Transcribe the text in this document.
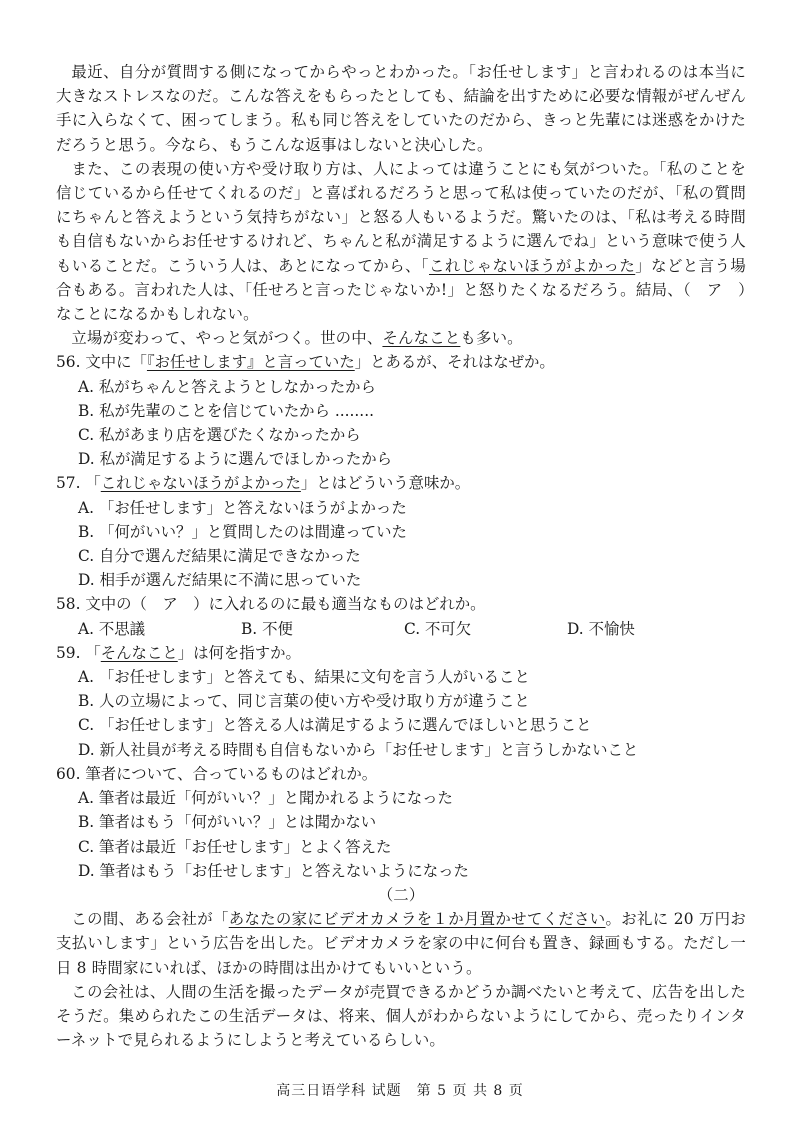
最近、自分が質問する側になってからやっとわかった。「お任せします」と言われるのは本当に大きなストレスなのだ。こんな答えをもらったとしても、結論を出すために必要な情報がぜんぜん手に入らなくて、困ってしまう。私も同じ答えをしていたのだから、きっと先輩には迷惑をかけただろうと思う。今なら、もうこんな返事はしないと決心した。

また、この表現の使い方や受け取り方は、人によっては違うことにも気がついた。「私のことを信じているから任せてくれるのだ」と喜ばれるだろうと思って私は使っていたのだが、「私の質問にちゃんと答えようという気持ちがない」と怒る人もいるようだ。驚いたのは、「私は考える時間も自信もないからお任せするけれど、ちゃんと私が満足するように選んでね」という意味で使う人もいることだ。こういう人は、あとになってから、「これじゃないほうがよかった」などと言う場合もある。言われた人は、「任せろと言ったじゃないか!」と怒りたくなるだろう。結局、（　ア　）なことになるかもしれない。

立場が変わって、やっと気がつく。世の中、そんなことも多い。

56. 文中に「『お任せします』と言っていた」とあるが、それはなぜか。

A. 私がちゃんと答えようとしなかったから

B. 私が先輩のことを信じていたから ........

C. 私があまり店を選びたくなかったから

D. 私が満足するように選んでほしかったから

57. 「これじゃないほうがよかった」とはどういう意味か。

A. 「お任せします」と答えないほうがよかった

B. 「何がいい？」と質問したのは間違っていた

C. 自分で選んだ結果に満足できなかった

D. 相手が選んだ結果に不満に思っていた

58. 文中の（　ア　）に入れるのに最も適当なものはどれか。

A. 不思議	B. 不便	C. 不可欠	D. 不愉快

59. 「そんなこと」は何を指すか。

A. 「お任せします」と答えても、結果に文句を言う人がいること

B. 人の立場によって、同じ言葉の使い方や受け取り方が違うこと

C. 「お任せします」と答える人は満足するように選んでほしいと思うこと

D. 新人社員が考える時間も自信もないから「お任せします」と言うしかないこと

60. 筆者について、合っているものはどれか。

A. 筆者は最近「何がいい？」と聞かれるようになった

B. 筆者はもう「何がいい？」とは聞かない

C. 筆者は最近「お任せします」とよく答えた

D. 筆者はもう「お任せします」と答えないようになった

（二）

この間、ある会社が「あなたの家にビデオカメラを１か月置かせてください。お礼に 20 万円お支払いします」という広告を出した。ビデオカメラを家の中に何台も置き、録画もする。ただし一日 8 時間家にいれば、ほかの時間は出かけてもいいという。

この会社は、人間の生活を撮ったデータが売買できるかどうか調べたいと考えて、広告を出したそうだ。集められたこの生活データは、将来、個人がわからないようにしてから、売ったりインターネットで見られるようにしようと考えているらしい。

高三日语学科 试题　第 5 页 共 8 页
